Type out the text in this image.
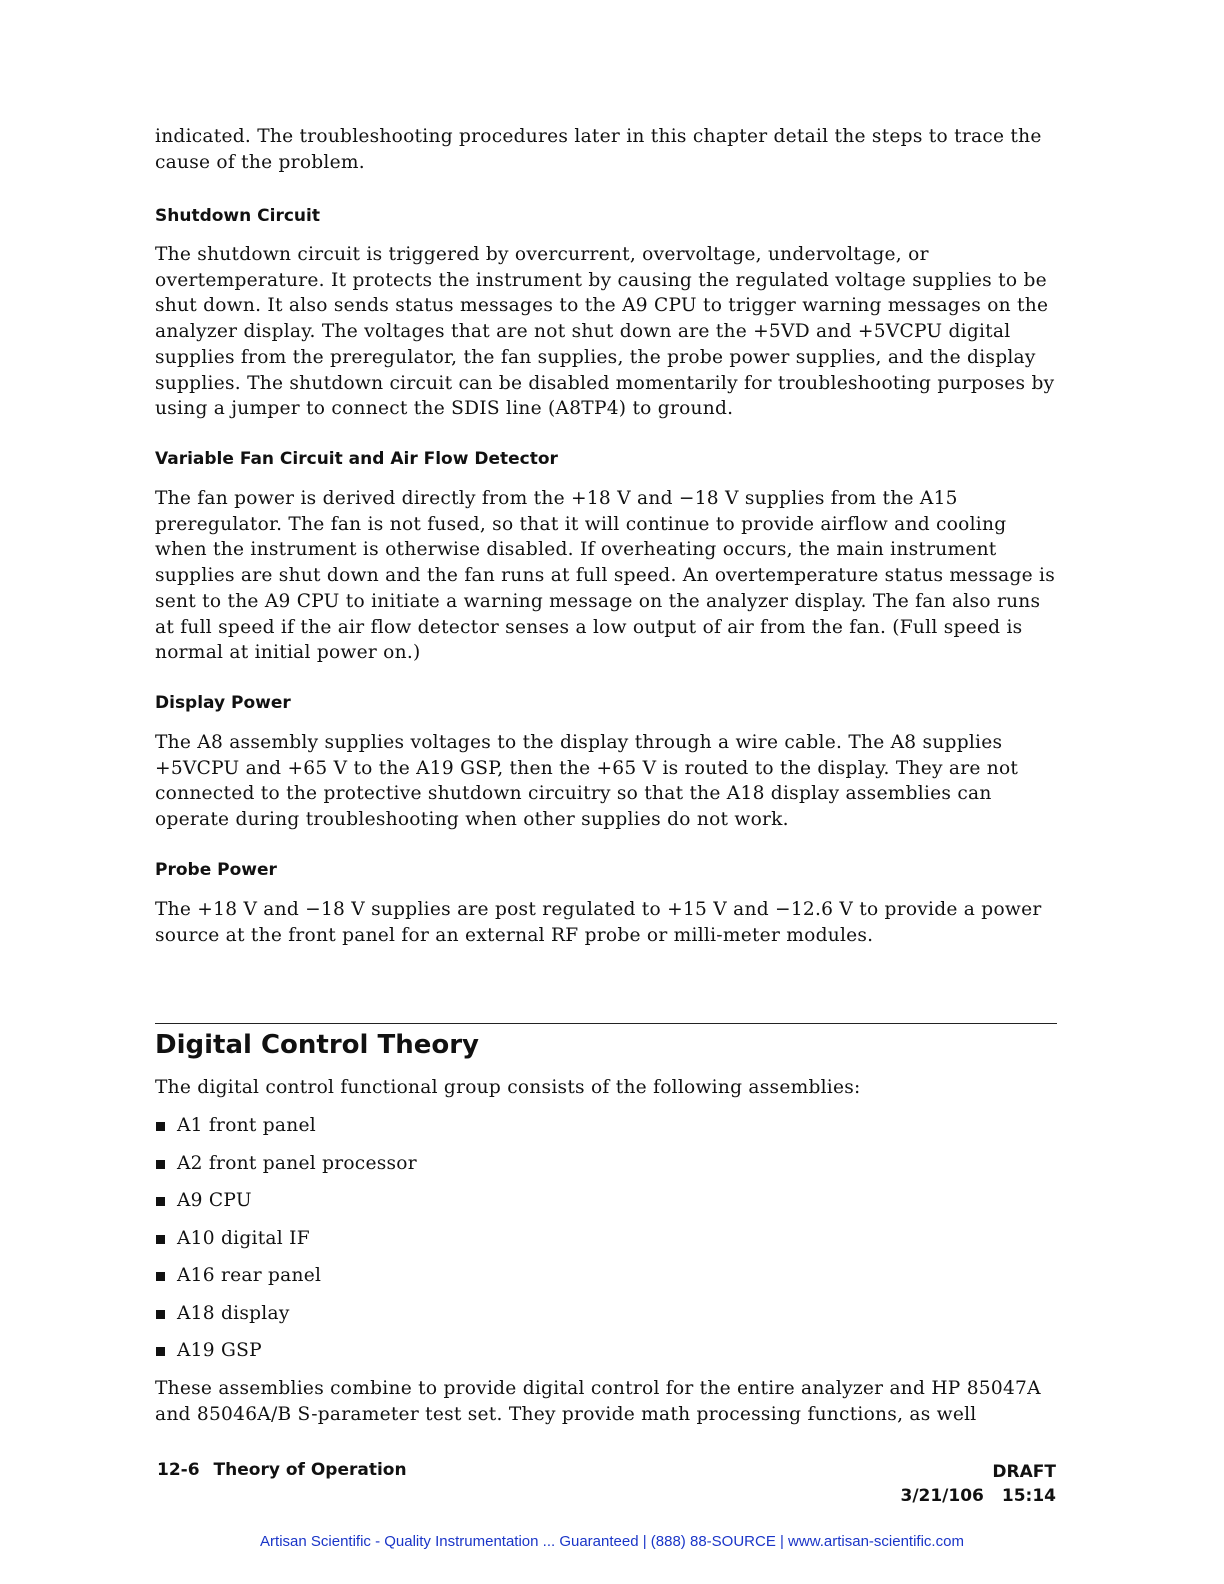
indicated. The troubleshooting procedures later in this chapter detail the steps to trace the cause of the problem.

Shutdown Circuit

The shutdown circuit is triggered by overcurrent, overvoltage, undervoltage, or overtemperature. It protects the instrument by causing the regulated voltage supplies to be shut down. It also sends status messages to the A9 CPU to trigger warning messages on the analyzer display. The voltages that are not shut down are the +5VD and +5VCPU digital supplies from the preregulator, the fan supplies, the probe power supplies, and the display supplies. The shutdown circuit can be disabled momentarily for troubleshooting purposes by using a jumper to connect the SDIS line (A8TP4) to ground.

Variable Fan Circuit and Air Flow Detector

The fan power is derived directly from the +18 V and −18 V supplies from the A15 preregulator. The fan is not fused, so that it will continue to provide airflow and cooling when the instrument is otherwise disabled. If overheating occurs, the main instrument supplies are shut down and the fan runs at full speed. An overtemperature status message is sent to the A9 CPU to initiate a warning message on the analyzer display. The fan also runs at full speed if the air flow detector senses a low output of air from the fan. (Full speed is normal at initial power on.)

Display Power

The A8 assembly supplies voltages to the display through a wire cable. The A8 supplies +5VCPU and +65 V to the A19 GSP, then the +65 V is routed to the display. They are not connected to the protective shutdown circuitry so that the A18 display assemblies can operate during troubleshooting when other supplies do not work.

Probe Power

The +18 V and −18 V supplies are post regulated to +15 V and −12.6 V to provide a power source at the front panel for an external RF probe or milli-meter modules.

Digital Control Theory

The digital control functional group consists of the following assemblies:

A1 front panel
A2 front panel processor
A9 CPU
A10 digital IF
A16 rear panel
A18 display
A19 GSP

These assemblies combine to provide digital control for the entire analyzer and HP 85047A and 85046A/B S-parameter test set. They provide math processing functions, as well

12-6 Theory of Operation	DRAFT
3/21/106 15:14
Artisan Scientific - Quality Instrumentation ... Guaranteed | (888) 88-SOURCE | www.artisan-scientific.com
